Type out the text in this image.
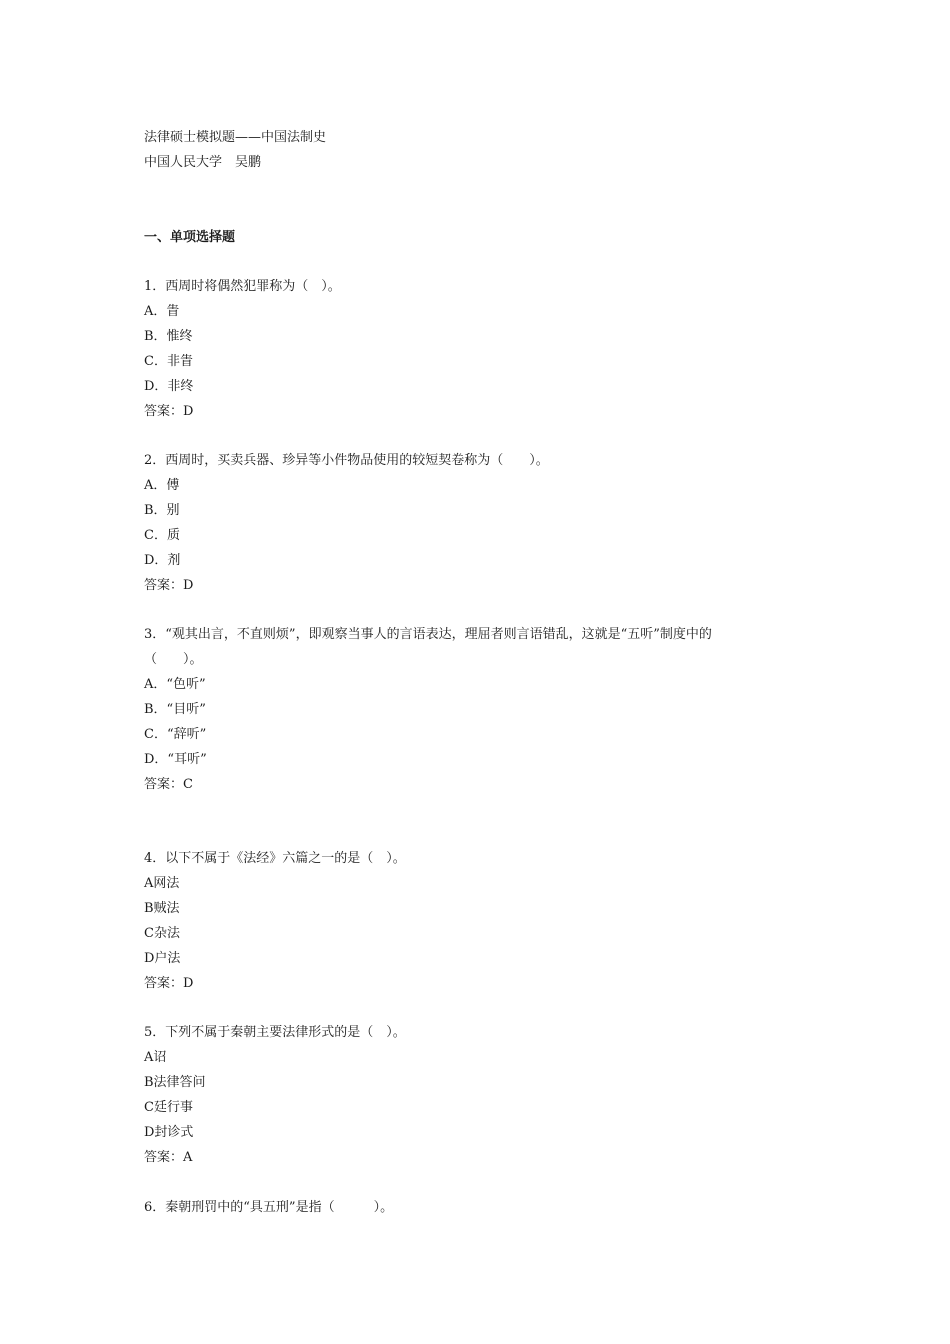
法律硕士模拟题——中国法制史
中国人民大学　吴鹏
一、单项选择题
1．西周时将偶然犯罪称为（　）。
A．眚
B．惟终
C．非眚
D．非终
答案：D
2．西周时，买卖兵器、珍异等小件物品使用的较短契卷称为（　　）。
A．傅
B．别
C．质
D．剂
答案：D
3．“观其出言，不直则烦”，即观察当事人的言语表达，理屈者则言语错乱，这就是“五听”制度中的
（　　）。
A．“色听”
B．“目听”
C．“辞听”
D．“耳听”
答案：C
4．以下不属于《法经》六篇之一的是（　）。
A网法
B贼法
C杂法
D户法
答案：D
5．下列不属于秦朝主要法律形式的是（　）。
A诏
B法律答问
C廷行事
D封诊式
答案：A
6．秦朝刑罚中的“具五刑”是指（　　　）。
